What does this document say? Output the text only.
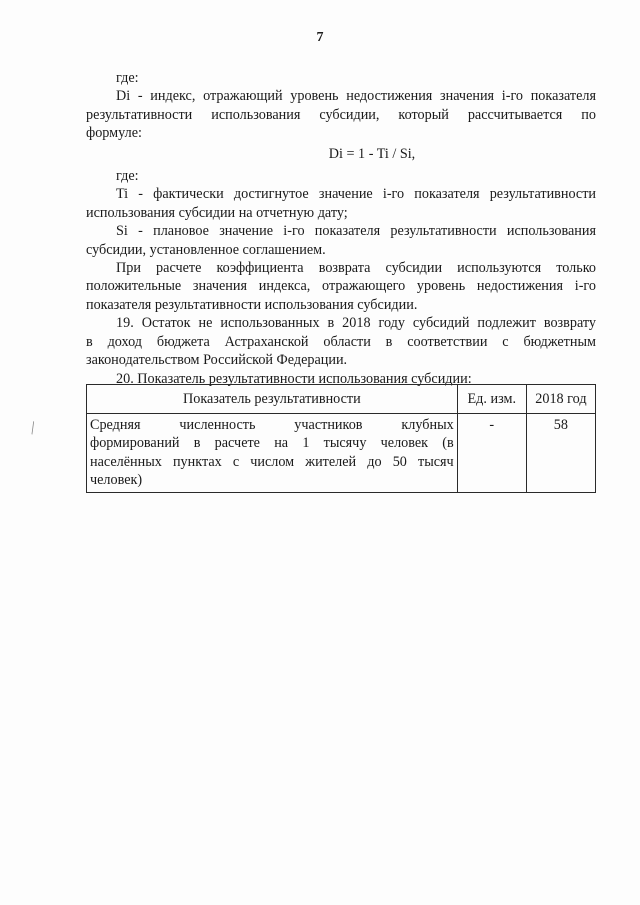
7

где:

Di - индекс, отражающий уровень недостижения значения i-го показателя

результативности использования субсидии, который рассчитывается по

формуле:

Di = 1 - Ti / Si,

где:

Ti - фактически достигнутое значение i-го показателя результативности

использования субсидии на отчетную дату;

Si - плановое значение i-го показателя результативности использования

субсидии, установленное соглашением.

При расчете коэффициента возврата субсидии используются только

положительные значения индекса, отражающего уровень недостижения i-го

показателя результативности использования субсидии.

19. Остаток не использованных в 2018 году субсидий подлежит возврату

в доход бюджета Астраханской области в соответствии с бюджетным

законодательством Российской Федерации.

20. Показатель результативности использования субсидии:

╲
Показатель результативности	Ед. изм.	2018 год

Средняя численность участников клубных
формирований в расчете на 1 тысячу человек (в
населённых пунктах с числом жителей до 50 тысяч
человек)	-	58
